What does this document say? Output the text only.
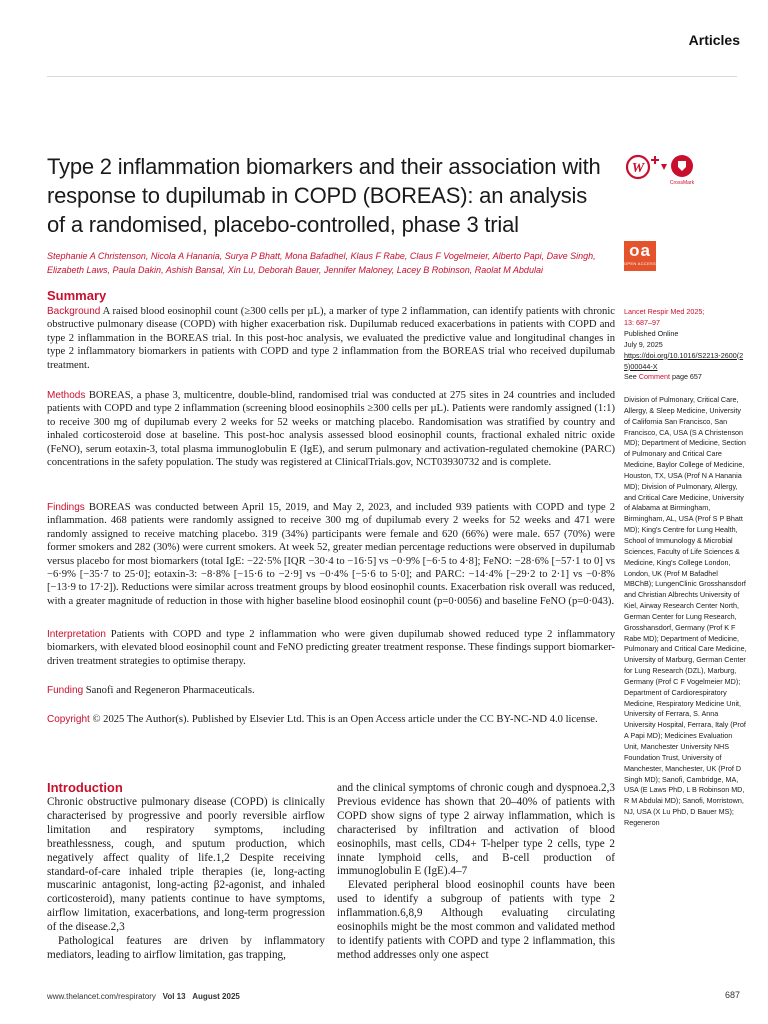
Articles
Type 2 inflammation biomarkers and their association with response to dupilumab in COPD (BOREAS): an analysis of a randomised, placebo-controlled, phase 3 trial
W
CrossMark
oa
OPEN ACCESS
Stephanie A Christenson, Nicola A Hanania, Surya P Bhatt, Mona Bafadhel, Klaus F Rabe, Claus F Vogelmeier, Alberto Papi, Dave Singh, Elizabeth Laws, Paula Dakin, Ashish Bansal, Xin Lu, Deborah Bauer, Jennifer Maloney, Lacey B Robinson, Raolat M Abdulai
Summary

Background A raised blood eosinophil count (≥300 cells per µL), a marker of type 2 inflammation, can identify patients with chronic obstructive pulmonary disease (COPD) with higher exacerbation risk. Dupilumab reduced exacerbations in patients with COPD and type 2 inflammation in the BOREAS trial. In this post-hoc analysis, we evaluated the predictive value and longitudinal changes in type 2 inflammatory biomarkers in patients with COPD and type 2 inflammation from the BOREAS trial who received dupilumab treatment.

Methods BOREAS, a phase 3, multicentre, double-blind, randomised trial was conducted at 275 sites in 24 countries and included patients with COPD and type 2 inflammation (screening blood eosinophils ≥300 cells per µL). Patients were randomly assigned (1:1) to receive 300 mg of dupilumab every 2 weeks for 52 weeks or matching placebo. Randomisation was stratified by country and inhaled corticosteroid dose at baseline. This post-hoc analysis assessed blood eosinophil counts, fractional exhaled nitric oxide (FeNO), serum eotaxin-3, total plasma immunoglobulin E (IgE), and serum pulmonary and activation-regulated chemokine (PARC) concentrations in the safety population. The study was registered at ClinicalTrials.gov, NCT03930732 and is complete.

Findings BOREAS was conducted between April 15, 2019, and May 2, 2023, and included 939 patients with COPD and type 2 inflammation. 468 patients were randomly assigned to receive 300 mg of dupilumab every 2 weeks for 52 weeks and 471 were randomly assigned to receive matching placebo. 319 (34%) participants were female and 620 (66%) were male. 657 (70%) were former smokers and 282 (30%) were current smokers. At week 52, greater median percentage reductions were observed in dupilumab versus placebo for most biomarkers (total IgE: −22·5% [IQR −30·4 to −16·5] vs −0·9% [−6·5 to 4·8]; FeNO: −28·6% [−57·1 to 0] vs −6·9% [−35·7 to 25·0]; eotaxin-3: −8·8% [−15·6 to −2·9] vs −0·4% [−5·6 to 5·0]; and PARC: −14·4% [−29·2 to 2·1] vs −0·8% [−13·9 to 17·2]). Reductions were similar across treatment groups by blood eosinophil counts. Exacerbation risk overall was reduced, with a greater magnitude of reduction in those with higher baseline blood eosinophil count (p=0·0056) and baseline FeNO (p=0·043).

Interpretation Patients with COPD and type 2 inflammation who were given dupilumab showed reduced type 2 inflammatory biomarkers, with elevated blood eosinophil count and FeNO predicting greater treatment response. These findings support biomarker-driven treatment strategies to optimise therapy.

Funding Sanofi and Regeneron Pharmaceuticals.

Copyright © 2025 The Author(s). Published by Elsevier Ltd. This is an Open Access article under the CC BY-NC-ND 4.0 license.

Introduction

Chronic obstructive pulmonary disease (COPD) is clinically characterised by progressive and poorly reversible airflow limitation and respiratory symptoms, including breathlessness, cough, and sputum production, which negatively affect quality of life.1,2 Despite receiving standard-of-care inhaled triple therapies (ie, long-acting muscarinic antagonist, long-acting β2-agonist, and inhaled corticosteroid), many patients continue to have symptoms, airflow limitation, exacerbations, and long-term progression of the disease.2,3

Pathological features are driven by inflammatory mediators, leading to airflow limitation, gas trapping,

and the clinical symptoms of chronic cough and dyspnoea.2,3 Previous evidence has shown that 20–40% of patients with COPD show signs of type 2 airway inflammation, which is characterised by infiltration and activation of blood eosinophils, mast cells, CD4+ T-helper type 2 cells, type 2 innate lymphoid cells, and B-cell production of immunoglobulin E (IgE).4–7

Elevated peripheral blood eosinophil counts have been used to identify a subgroup of patients with type 2 inflammation.6,8,9 Although evaluating circulating eosinophils might be the most common and validated method to identify patients with COPD and type 2 inflammation, this method addresses only one aspect

Lancet Respir Med 2025;

13: 687–97

Published Online

July 9, 2025

https://doi.org/10.1016/S2213-2600(25)00044-X

See Comment page 657

Division of Pulmonary, Critical Care, Allergy, & Sleep Medicine, University of California San Francisco, San Francisco, CA, USA (S A Christenson MD); Department of Medicine, Section of Pulmonary and Critical Care Medicine, Baylor College of Medicine, Houston, TX, USA (Prof N A Hanania MD); Division of Pulmonary, Allergy, and Critical Care Medicine, University of Alabama at Birmingham, Birmingham, AL, USA (Prof S P Bhatt MD); King's Centre for Lung Health, School of Immunology & Microbial Sciences, Faculty of Life Sciences & Medicine, King's College London, London, UK (Prof M Bafadhel MBChB); LungenClinic Grosshansdorf and Christian Albrechts University of Kiel, Airway Research Center North, German Center for Lung Research, Grosshansdorf, Germany (Prof K F Rabe MD); Department of Medicine, Pulmonary and Critical Care Medicine, University of Marburg, German Center for Lung Research (DZL), Marburg, Germany (Prof C F Vogelmeier MD); Department of Cardiorespiratory Medicine, Respiratory Medicine Unit, University of Ferrara, S. Anna University Hospital, Ferrara, Italy (Prof A Papi MD); Medicines Evaluation Unit, Manchester University NHS Foundation Trust, University of Manchester, Manchester, UK (Prof D Singh MD); Sanofi, Cambridge, MA, USA (E Laws PhD, L B Robinson MD, R M Abdulai MD); Sanofi, Morristown, NJ, USA (X Lu PhD, D Bauer MS); Regeneron
www.thelancet.com/respiratory Vol 13 August 2025	687
